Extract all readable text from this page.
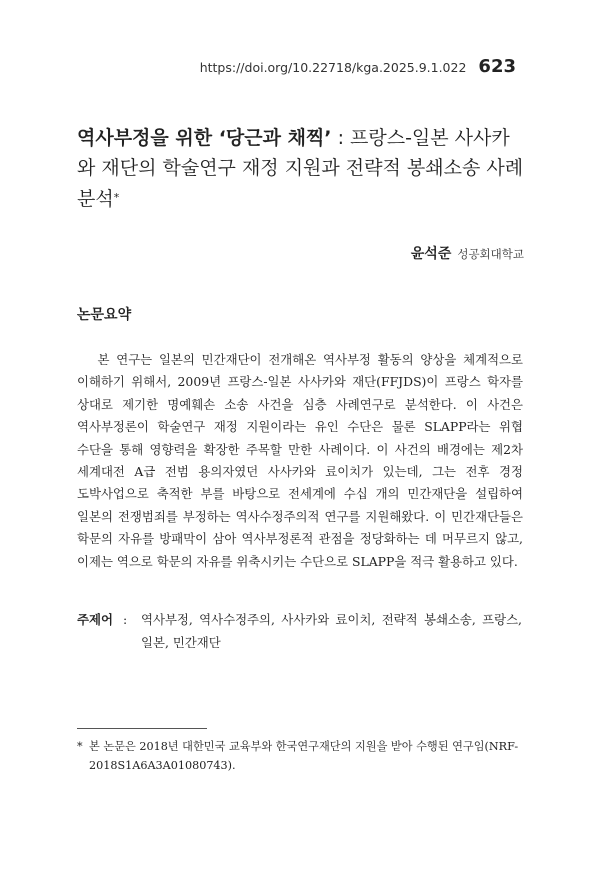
https://doi.org/10.22718/kga.2025.9.1.022 623
역사부정을 위한 ‘당근과 채찍’ : 프랑스-일본 사사카와 재단의 학술연구 재정 지원과 전략적 봉쇄소송 사례 분석*
윤석준 성공회대학교
논문요약

본 연구는 일본의 민간재단이 전개해온 역사부정 활동의 양상을 체계적으로 이해하기 위해서, 2009년 프랑스-일본 사사카와 재단(FFJDS)이 프랑스 학자를 상대로 제기한 명예훼손 소송 사건을 심층 사례연구로 분석한다. 이 사건은 역사부정론이 학술연구 재정 지원이라는 유인 수단은 물론 SLAPP라는 위협 수단을 통해 영향력을 확장한 주목할 만한 사례이다. 이 사건의 배경에는 제2차 세계대전 A급 전범 용의자였던 사사카와 료이치가 있는데, 그는 전후 경정 도박사업으로 축적한 부를 바탕으로 전세계에 수십 개의 민간재단을 설립하여 일본의 전쟁범죄를 부정하는 역사수정주의적 연구를 지원해왔다. 이 민간재단들은 학문의 자유를 방패막이 삼아 역사부정론적 관점을 정당화하는 데 머무르지 않고, 이제는 역으로 학문의 자유를 위축시키는 수단으로 SLAPP을 적극 활용하고 있다.

주제어 :	역사부정, 역사수정주의, 사사카와 료이치, 전략적 봉쇄소송, 프랑스, 일본, 민간재단
* 본 논문은 2018년 대한민국 교육부와 한국연구재단의 지원을 받아 수행된 연구임(NRF-2018S1A6A3A01080743).
